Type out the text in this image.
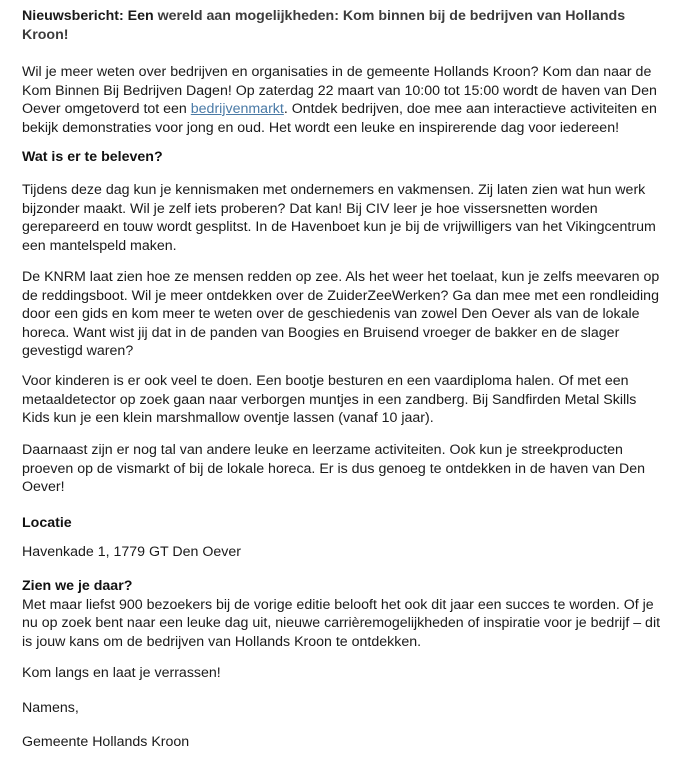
Nieuwsbericht: Een wereld aan mogelijkheden: Kom binnen bij de bedrijven van Hollands
Kroon!
Wil je meer weten over bedrijven en organisaties in de gemeente Hollands Kroon? Kom dan naar de
Kom Binnen Bij Bedrijven Dagen! Op zaterdag 22 maart van 10:00 tot 15:00 wordt de haven van Den
Oever omgetoverd tot een bedrijvenmarkt. Ontdek bedrijven, doe mee aan interactieve activiteiten en
bekijk demonstraties voor jong en oud. Het wordt een leuke en inspirerende dag voor iedereen!
Wat is er te beleven?
Tijdens deze dag kun je kennismaken met ondernemers en vakmensen. Zij laten zien wat hun werk
bijzonder maakt. Wil je zelf iets proberen? Dat kan! Bij CIV leer je hoe vissersnetten worden
gerepareerd en touw wordt gesplitst. In de Havenboet kun je bij de vrijwilligers van het Vikingcentrum
een mantelspeld maken.
De KNRM laat zien hoe ze mensen redden op zee. Als het weer het toelaat, kun je zelfs meevaren op
de reddingsboot. Wil je meer ontdekken over de ZuiderZeeWerken? Ga dan mee met een rondleiding
door een gids en kom meer te weten over de geschiedenis van zowel Den Oever als van de lokale
horeca. Want wist jij dat in de panden van Boogies en Bruisend vroeger de bakker en de slager
gevestigd waren?
Voor kinderen is er ook veel te doen. Een bootje besturen en een vaardiploma halen. Of met een
metaaldetector op zoek gaan naar verborgen muntjes in een zandberg. Bij Sandfirden Metal Skills
Kids kun je een klein marshmallow oventje lassen (vanaf 10 jaar).
Daarnaast zijn er nog tal van andere leuke en leerzame activiteiten. Ook kun je streekproducten
proeven op de vismarkt of bij de lokale horeca. Er is dus genoeg te ontdekken in de haven van Den
Oever!
Locatie
Havenkade 1, 1779 GT Den Oever
Zien we je daar?
Met maar liefst 900 bezoekers bij de vorige editie belooft het ook dit jaar een succes te worden. Of je
nu op zoek bent naar een leuke dag uit, nieuwe carrièremogelijkheden of inspiratie voor je bedrijf – dit
is jouw kans om de bedrijven van Hollands Kroon te ontdekken.
Kom langs en laat je verrassen!
Namens,
Gemeente Hollands Kroon
